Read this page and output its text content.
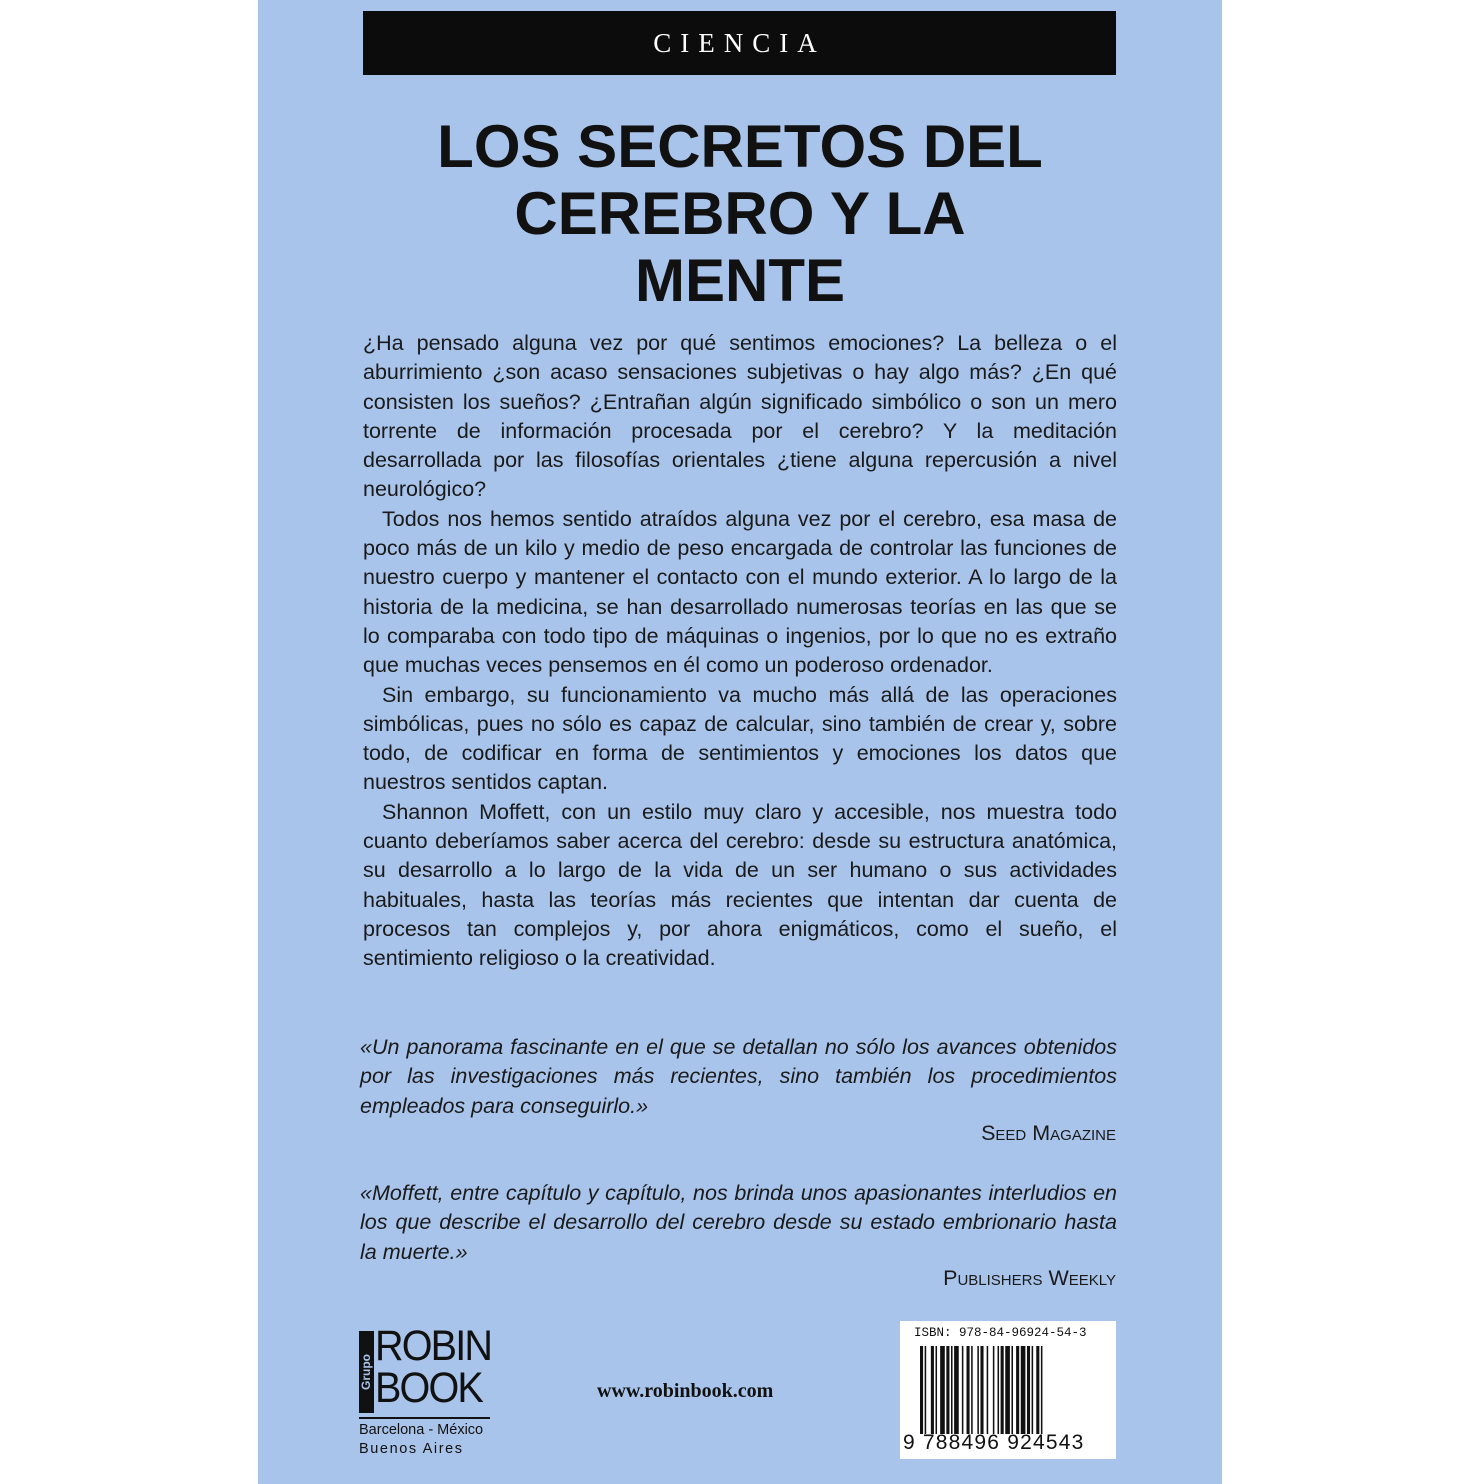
CIENCIA
LOS SECRETOS DEL
CEREBRO Y LA
MENTE

¿Ha pensado alguna vez por qué sentimos emociones? La belleza o el aburrimiento ¿son acaso sensaciones subjetivas o hay algo más? ¿En qué consisten los sueños? ¿Entrañan algún significado simbólico o son un mero torrente de información procesada por el cerebro? Y la meditación desarrollada por las filosofías orientales ¿tiene alguna repercusión a nivel neurológico?

Todos nos hemos sentido atraídos alguna vez por el cerebro, esa masa de poco más de un kilo y medio de peso encargada de controlar las funciones de nuestro cuerpo y mantener el contacto con el mundo exterior. A lo largo de la historia de la medicina, se han desarrollado numerosas teorías en las que se lo comparaba con todo tipo de máquinas o ingenios, por lo que no es extraño que muchas veces pensemos en él como un poderoso ordenador.

Sin embargo, su funcionamiento va mucho más allá de las operaciones simbólicas, pues no sólo es capaz de calcular, sino también de crear y, sobre todo, de codificar en forma de sentimientos y emociones los datos que nuestros sentidos captan.

Shannon Moffett, con un estilo muy claro y accesible, nos muestra todo cuanto deberíamos saber acerca del cerebro: desde su estructura anatómica, su desarrollo a lo largo de la vida de un ser humano o sus actividades habituales, hasta las teorías más recientes que intentan dar cuenta de procesos tan complejos y, por ahora enigmáticos, como el sueño, el sentimiento religioso o la creatividad.

«Un panorama fascinante en el que se detallan no sólo los avances obtenidos por las investigaciones más recientes, sino también los procedimientos empleados para conseguirlo.»

Seed Magazine

«Moffett, entre capítulo y capítulo, nos brinda unos apasionantes interludios en los que describe el desarrollo del cerebro desde su estado embrionario hasta la muerte.»

Publishers Weekly
Grupo
ROBIN
BOOK
Barcelona - México
Buenos Aires
www.robinbook.com
ISBN: 978-84-96924-54-3
9 788496 924543
